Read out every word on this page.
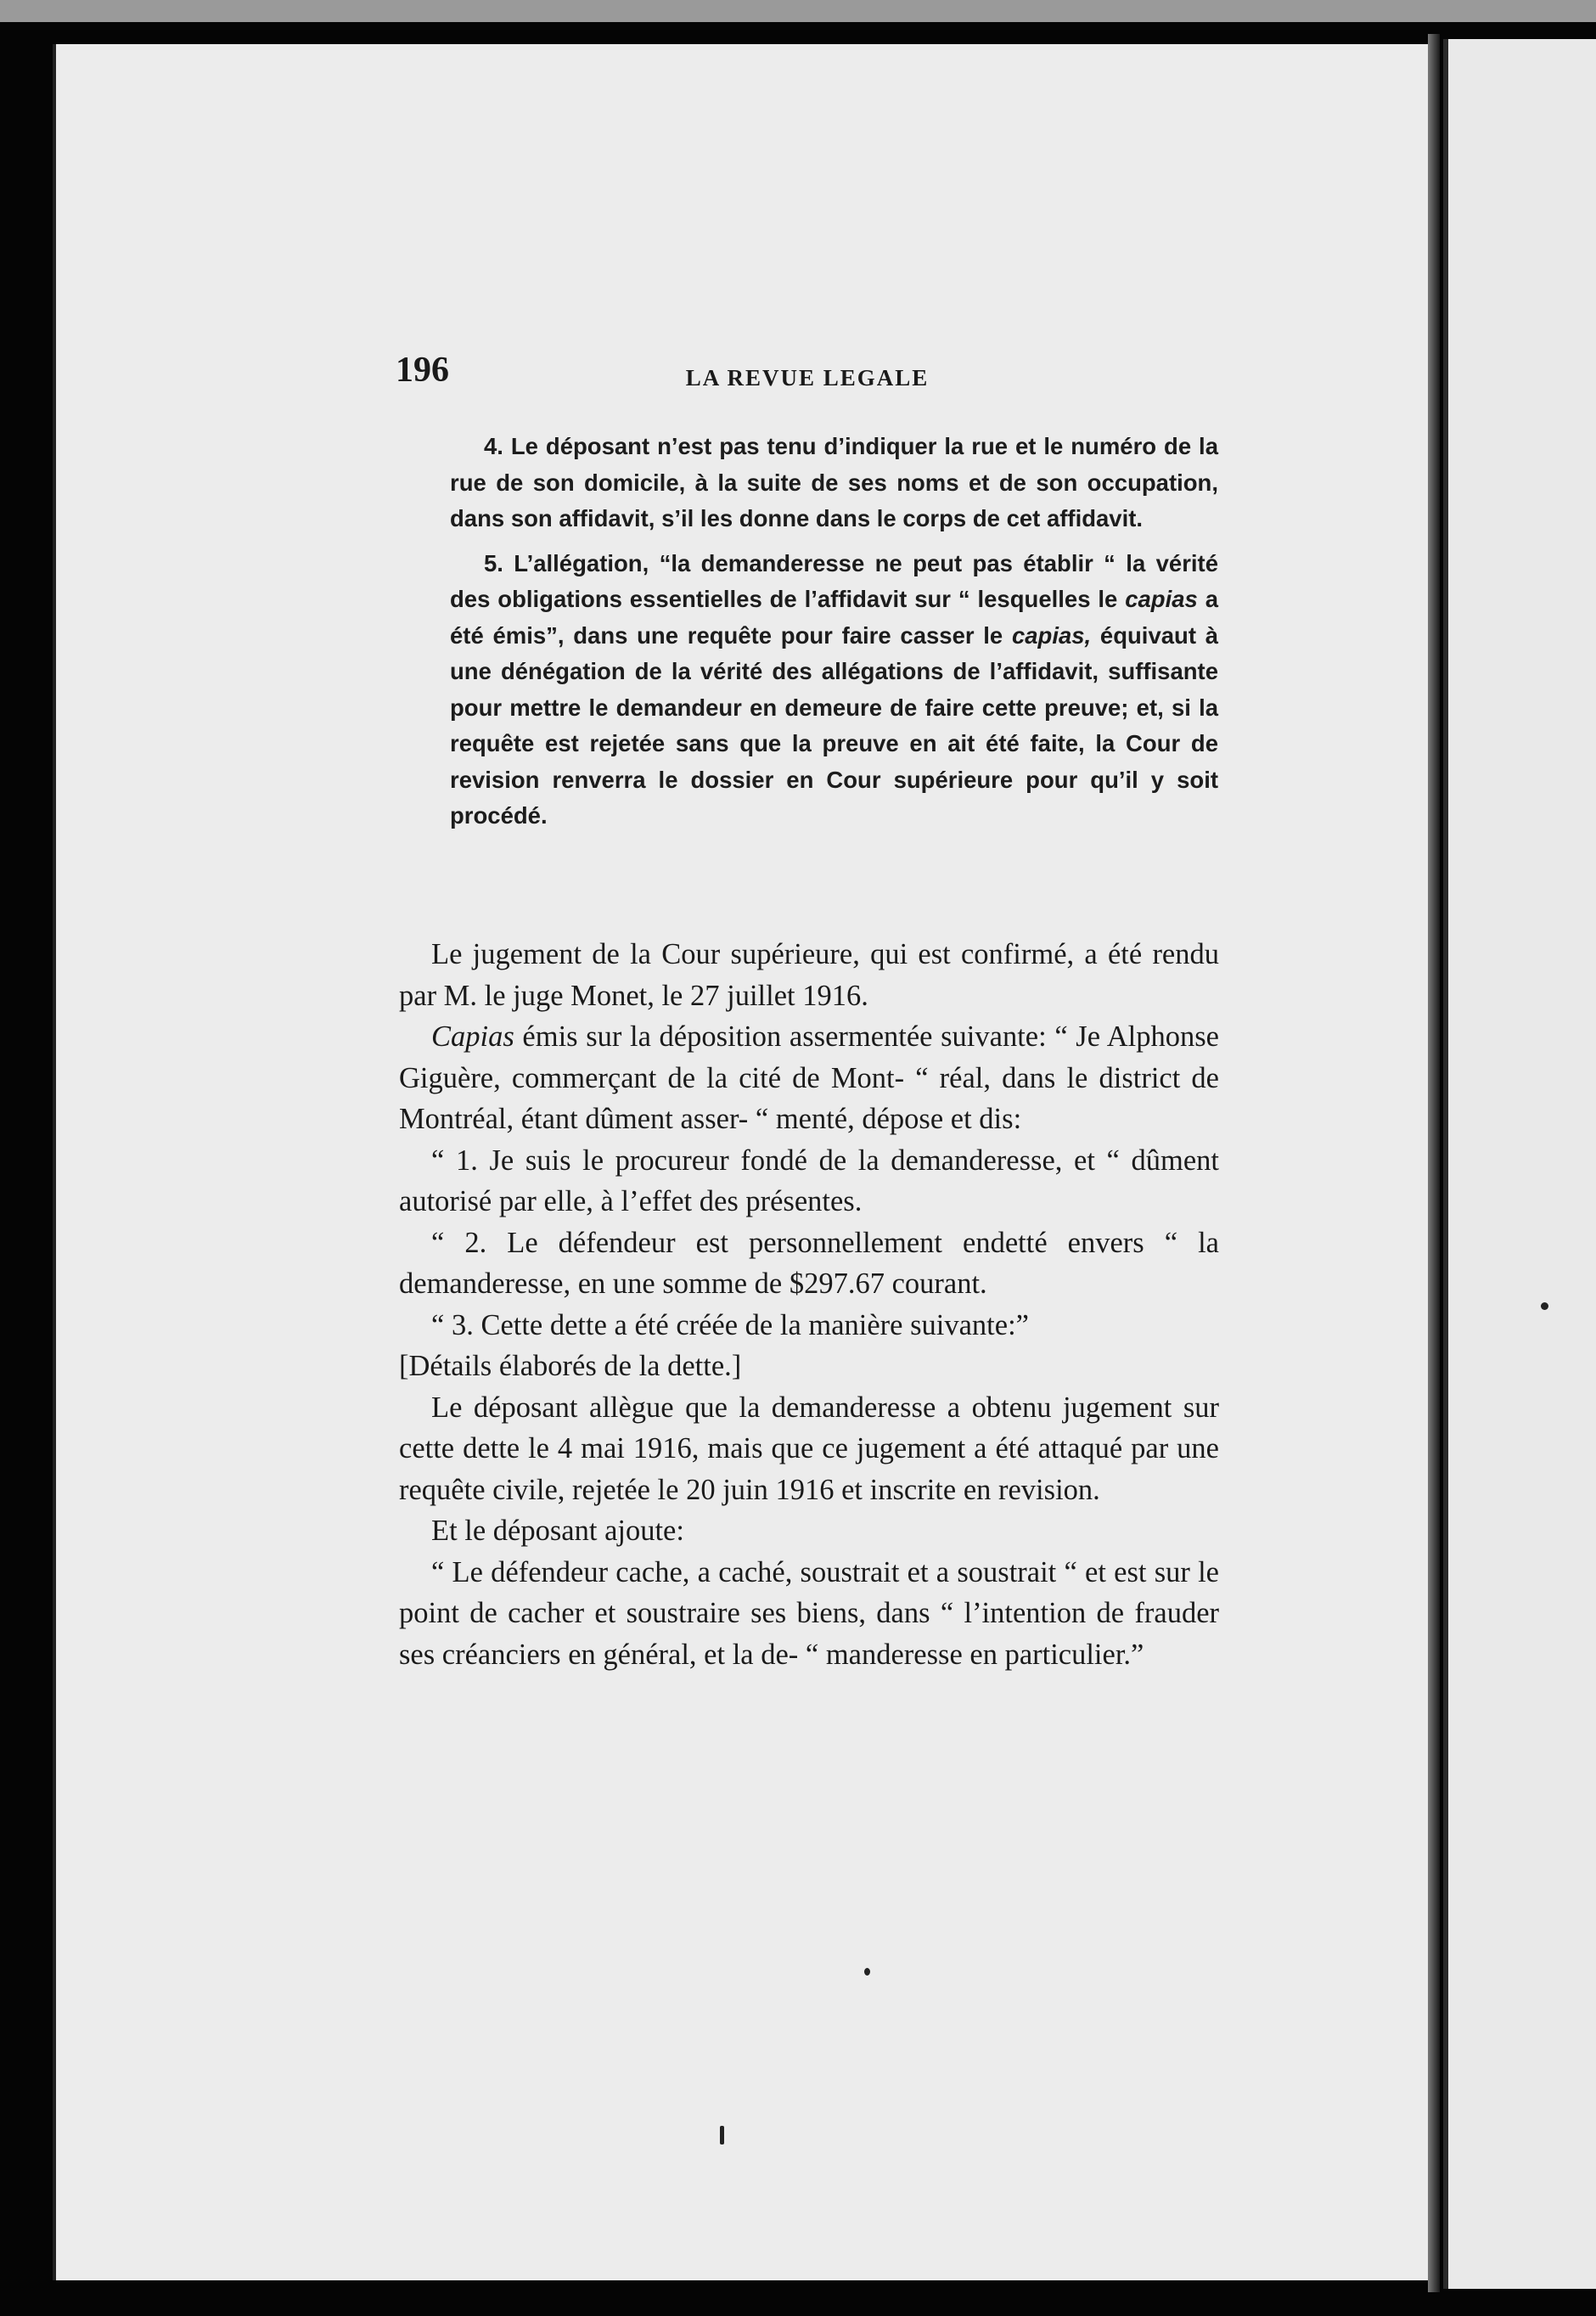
196	LA REVUE LEGALE

4. Le déposant n’est pas tenu d’indiquer la rue et le numéro de la rue de son domicile, à la suite de ses noms et de son occupation, dans son affidavit, s’il les donne dans le corps de cet affidavit.

5. L’allégation, “la demanderesse ne peut pas établir “ la vérité des obligations essentielles de l’affidavit sur “ lesquelles le capias a été émis”, dans une requête pour faire casser le capias, équivaut à une dénégation de la vérité des allégations de l’affidavit, suffisante pour mettre le demandeur en demeure de faire cette preuve; et, si la requête est rejetée sans que la preuve en ait été faite, la Cour de revision renverra le dossier en Cour supérieure pour qu’il y soit procédé.

Le jugement de la Cour supérieure, qui est confirmé, a été rendu par M. le juge Monet, le 27 juillet 1916.

Capias émis sur la déposition assermentée suivante: “ Je Alphonse Giguère, commerçant de la cité de Mont- “ réal, dans le district de Montréal, étant dûment asser- “ menté, dépose et dis:

“ 1. Je suis le procureur fondé de la demanderesse, et “ dûment autorisé par elle, à l’effet des présentes.

“ 2. Le défendeur est personnellement endetté envers “ la demanderesse, en une somme de $297.67 courant.

“ 3. Cette dette a été créée de la manière suivante:”

[Détails élaborés de la dette.]

Le déposant allègue que la demanderesse a obtenu jugement sur cette dette le 4 mai 1916, mais que ce jugement a été attaqué par une requête civile, rejetée le 20 juin 1916 et inscrite en revision.

Et le déposant ajoute:

“ Le défendeur cache, a caché, soustrait et a soustrait “ et est sur le point de cacher et soustraire ses biens, dans “ l’intention de frauder ses créanciers en général, et la de- “ manderesse en particulier.”
